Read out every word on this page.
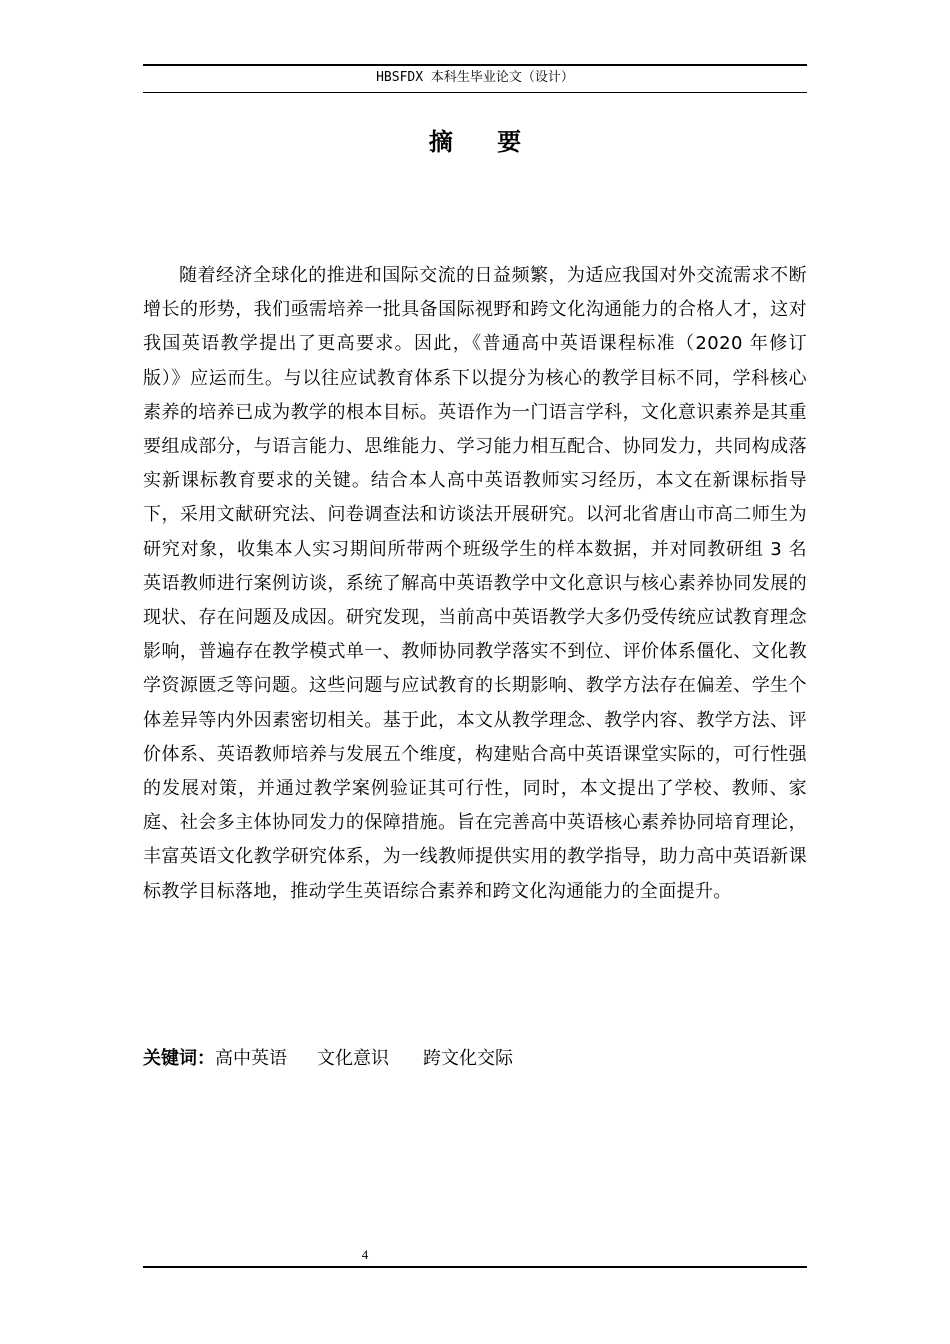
HBSFDX 本科生毕业论文（设计）
摘 要

随着经济全球化的推进和国际交流的日益频繁，为适应我国对外交流需求不断增长的形势，我们亟需培养一批具备国际视野和跨文化沟通能力的合格人才，这对我国英语教学提出了更高要求。因此，《普通高中英语课程标准（2020 年修订版）》应运而生。与以往应试教育体系下以提分为核心的教学目标不同，学科核心素养的培养已成为教学的根本目标。英语作为一门语言学科，文化意识素养是其重要组成部分，与语言能力、思维能力、学习能力相互配合、协同发力，共同构成落实新课标教育要求的关键。结合本人高中英语教师实习经历，本文在新课标指导下，采用文献研究法、问卷调查法和访谈法开展研究。以河北省唐山市高二师生为研究对象，收集本人实习期间所带两个班级学生的样本数据，并对同教研组 3 名英语教师进行案例访谈，系统了解高中英语教学中文化意识与核心素养协同发展的现状、存在问题及成因。研究发现，当前高中英语教学大多仍受传统应试教育理念影响，普遍存在教学模式单一、教师协同教学落实不到位、评价体系僵化、文化教学资源匮乏等问题。这些问题与应试教育的长期影响、教学方法存在偏差、学生个体差异等内外因素密切相关。基于此，本文从教学理念、教学内容、教学方法、评价体系、英语教师培养与发展五个维度，构建贴合高中英语课堂实际的，可行性强的发展对策，并通过教学案例验证其可行性，同时，本文提出了学校、教师、家庭、社会多主体协同发力的保障措施。旨在完善高中英语核心素养协同培育理论，丰富英语文化教学研究体系，为一线教师提供实用的教学指导，助力高中英语新课标教学目标落地，推动学生英语综合素养和跨文化沟通能力的全面提升。

关键词：高中英语 文化意识 跨文化交际
4
